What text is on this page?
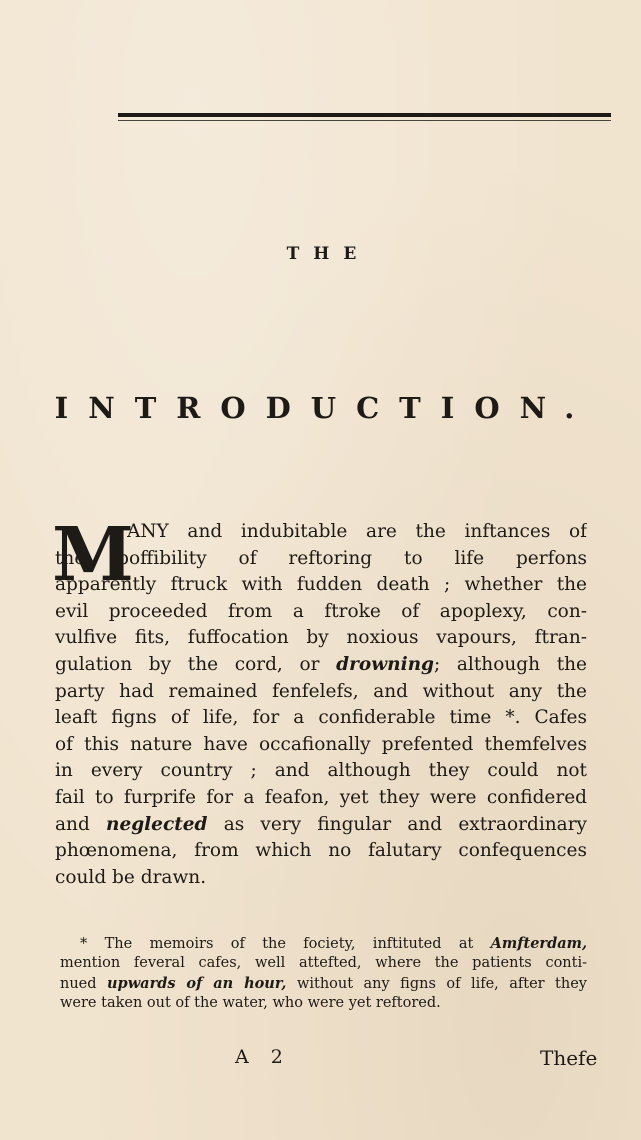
THE
INTRODUCTION.
M
ANY and indubitable are the inftances of
the poffibility of reftoring to life perfons
apparently ftruck with fudden death ; whether the
evil proceeded from a ftroke of apoplexy, con-
vulfive fits, fuffocation by noxious vapours, ftran-
gulation by the cord, or drowning; although the
party had remained fenfelefs, and without any the
leaft figns of life, for a confiderable time *. Cafes
of this nature have occafionally prefented themfelves
in every country ; and although they could not
fail to furprife for a feafon, yet they were confidered
and neglected as very fingular and extraordinary
phœnomena, from which no falutary confequences
could be drawn.
* The memoirs of the fociety, inftituted at Amfterdam,
mention feveral cafes, well attefted, where the patients conti-
nued upwards of an hour, without any figns of life, after they
were taken out of the water, who were yet reftored.
A 2	Thefe
